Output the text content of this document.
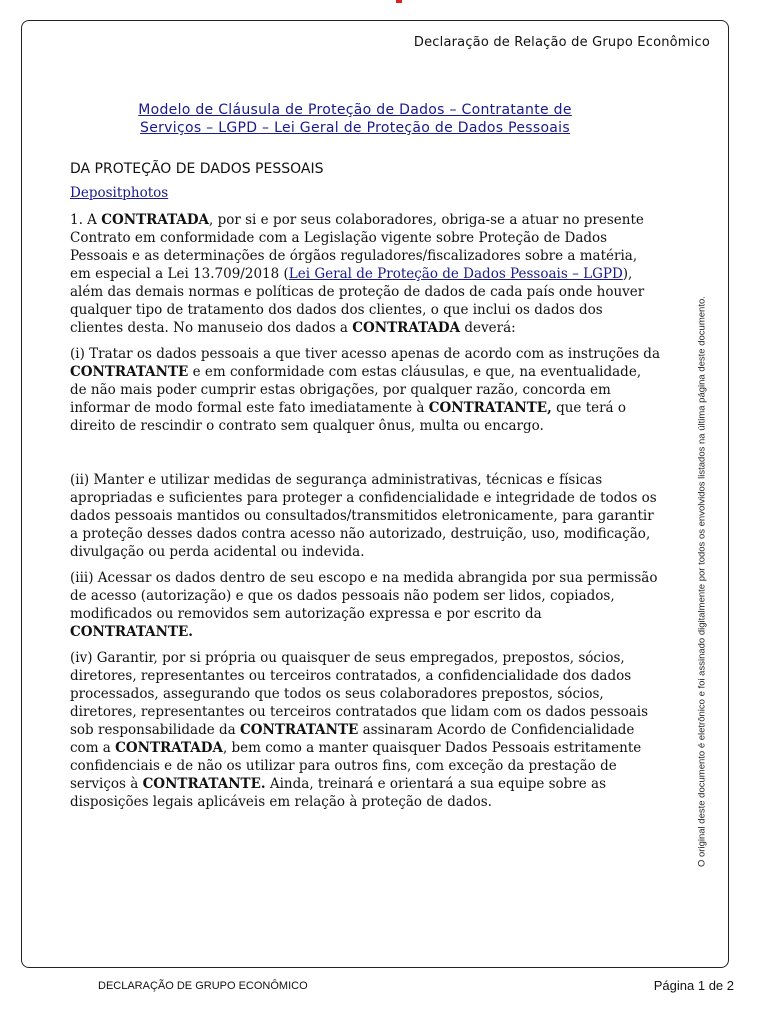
Declaração de Relação de Grupo Econômico
Modelo de Cláusula de Proteção de Dados – Contratante de
Serviços – LGPD – Lei Geral de Proteção de Dados Pessoais
DA PROTEÇÃO DE DADOS PESSOAIS
Depositphotos

1. A CONTRATADA, por si e por seus colaboradores, obriga-se a atuar no presente Contrato em conformidade com a Legislação vigente sobre Proteção de Dados Pessoais e as determinações de órgãos reguladores/fiscalizadores sobre a matéria, em especial a Lei 13.709/2018 (Lei Geral de Proteção de Dados Pessoais – LGPD), além das demais normas e políticas de proteção de dados de cada país onde houver qualquer tipo de tratamento dos dados dos clientes, o que inclui os dados dos clientes desta. No manuseio dos dados a CONTRATADA deverá:

(i) Tratar os dados pessoais a que tiver acesso apenas de acordo com as instruções da CONTRATANTE e em conformidade com estas cláusulas, e que, na eventualidade, de não mais poder cumprir estas obrigações, por qualquer razão, concorda em informar de modo formal este fato imediatamente à CONTRATANTE, que terá o direito de rescindir o contrato sem qualquer ônus, multa ou encargo.

(ii) Manter e utilizar medidas de segurança administrativas, técnicas e físicas apropriadas e suficientes para proteger a confidencialidade e integridade de todos os dados pessoais mantidos ou consultados/transmitidos eletronicamente, para garantir a proteção desses dados contra acesso não autorizado, destruição, uso, modificação, divulgação ou perda acidental ou indevida.

(iii) Acessar os dados dentro de seu escopo e na medida abrangida por sua permissão de acesso (autorização) e que os dados pessoais não podem ser lidos, copiados, modificados ou removidos sem autorização expressa e por escrito da CONTRATANTE.

(iv) Garantir, por si própria ou quaisquer de seus empregados, prepostos, sócios, diretores, representantes ou terceiros contratados, a confidencialidade dos dados processados, assegurando que todos os seus colaboradores prepostos, sócios, diretores, representantes ou terceiros contratados que lidam com os dados pessoais sob responsabilidade da CONTRATANTE assinaram Acordo de Confidencialidade com a CONTRATADA, bem como a manter quaisquer Dados Pessoais estritamente confidenciais e de não os utilizar para outros fins, com exceção da prestação de serviços à CONTRATANTE. Ainda, treinará e orientará a sua equipe sobre as disposições legais aplicáveis em relação à proteção de dados.	O original deste documento é eletrônico e foi assinado digitalmente por todos os envolvidos listados na última página deste documento.
DECLARAÇÃO DE GRUPO ECONÔMICO	Página 1 de 2
